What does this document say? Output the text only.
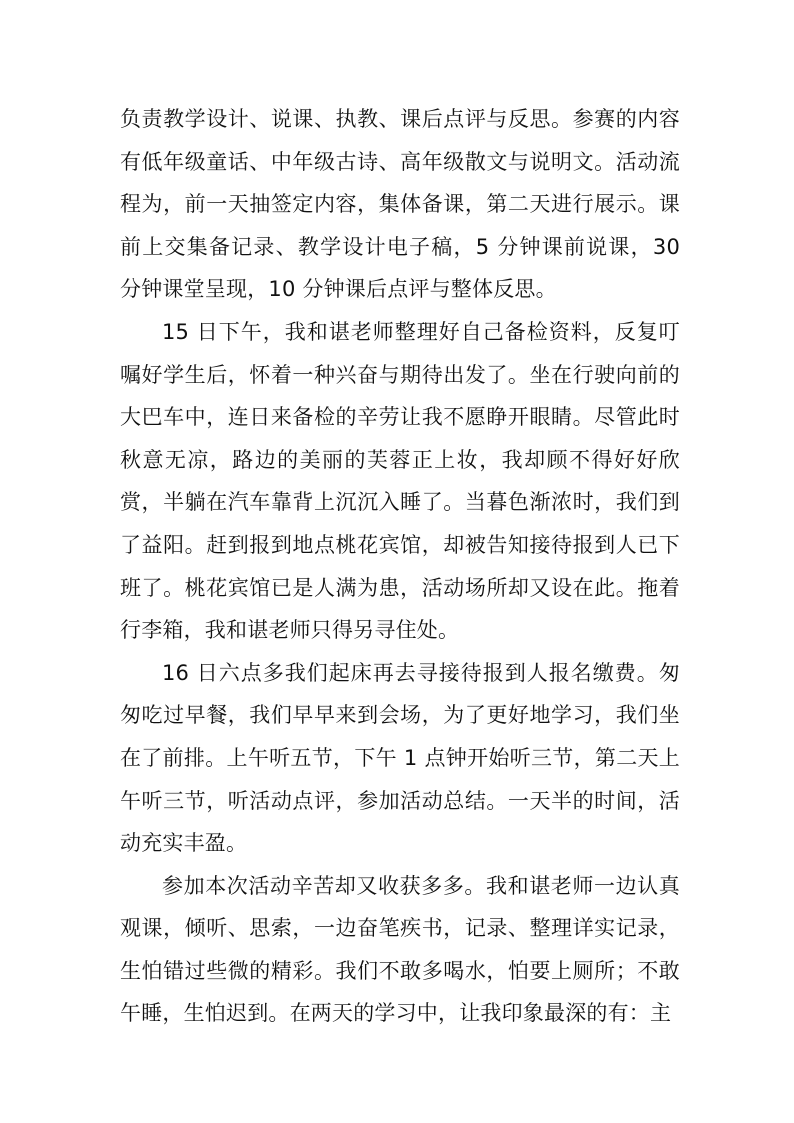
负责教学设计、说课、执教、课后点评与反思。参赛的内容有低年级童话、中年级古诗、高年级散文与说明文。活动流程为，前一天抽签定内容，集体备课，第二天进行展示。课前上交集备记录、教学设计电子稿，5 分钟课前说课，30 分钟课堂呈现，10 分钟课后点评与整体反思。

15 日下午，我和谌老师整理好自己备检资料，反复叮嘱好学生后，怀着一种兴奋与期待出发了。坐在行驶向前的大巴车中，连日来备检的辛劳让我不愿睁开眼睛。尽管此时秋意无凉，路边的美丽的芙蓉正上妆，我却顾不得好好欣赏，半躺在汽车靠背上沉沉入睡了。当暮色渐浓时，我们到了益阳。赶到报到地点桃花宾馆，却被告知接待报到人已下班了。桃花宾馆已是人满为患，活动场所却又设在此。拖着行李箱，我和谌老师只得另寻住处。

16 日六点多我们起床再去寻接待报到人报名缴费。匆匆吃过早餐，我们早早来到会场，为了更好地学习，我们坐在了前排。上午听五节，下午 1 点钟开始听三节，第二天上午听三节，听活动点评，参加活动总结。一天半的时间，活动充实丰盈。

参加本次活动辛苦却又收获多多。我和谌老师一边认真观课，倾听、思索，一边奋笔疾书，记录、整理详实记录，生怕错过些微的精彩。我们不敢多喝水，怕要上厕所；不敢午睡，生怕迟到。在两天的学习中，让我印象最深的有：主
